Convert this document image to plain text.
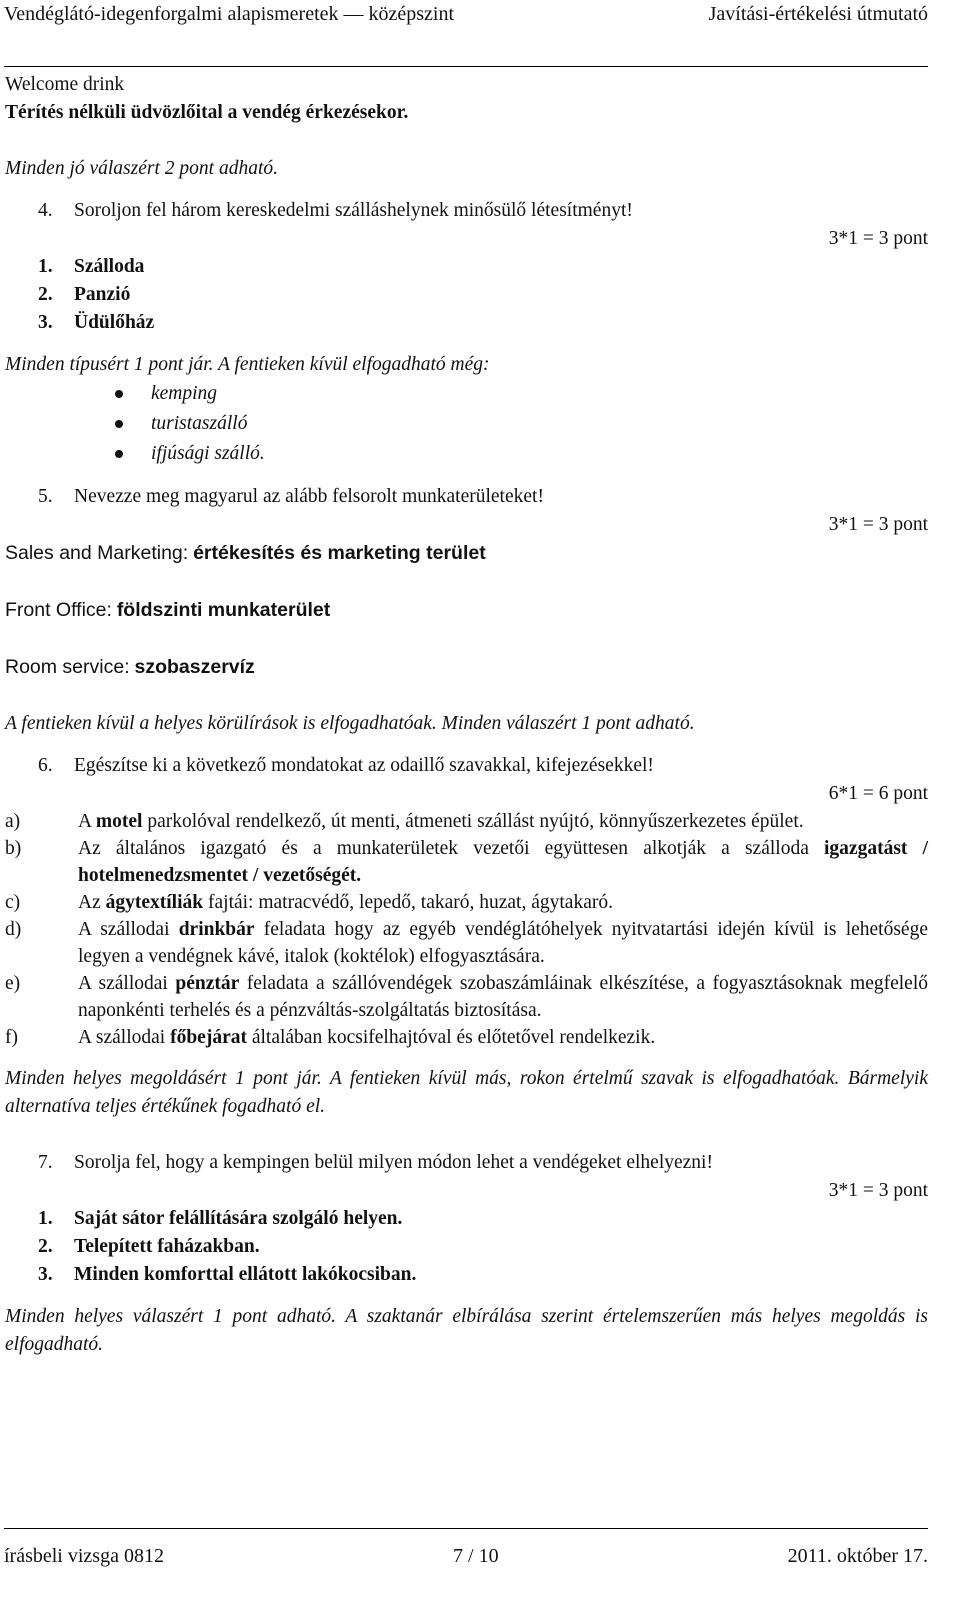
Vendéglátó-idegenforgalmi alapismeretek — középszint	Javítási-értékelési útmutató
Welcome drink
Térítés nélküli üdvözlőital a vendég érkezésekor.
Minden jó válaszért 2 pont adható.
4. Soroljon fel három kereskedelmi szálláshelynek minősülő létesítményt!
3*1 = 3 pont
1. Szálloda
2. Panzió
3. Üdülőház
Minden típusért 1 pont jár. A fentieken kívül elfogadható még:
kemping
turistaszálló
ifjúsági szálló.
5. Nevezze meg magyarul az alább felsorolt munkaterületeket!
Sales and Marketing: értékesítés és marketing terület
3*1 = 3 pont
Front Office: földszinti munkaterület
Room service: szobaszervíz
A fentieken kívül a helyes körülírások is elfogadhatóak. Minden válaszért 1 pont adható.
6. Egészítse ki a következő mondatokat az odaillő szavakkal, kifejezésekkel!
6*1 = 6 pont
a)	A motel parkolóval rendelkező, út menti, átmeneti szállást nyújtó, könnyűszerkezetes épület.
b)	Az általános igazgató és a munkaterületek vezetői együttesen alkotják a szálloda igazgatást / hotelmenedzsmentet / vezetőségét.
c)	Az ágytextíliák fajtái: matracvédő, lepedő, takaró, huzat, ágytakaró.
d)	A szállodai drinkbár feladata hogy az egyéb vendéglátóhelyek nyitvatartási idején kívül is lehetősége legyen a vendégnek kávé, italok (koktélok) elfogyasztására.
e)	A szállodai pénztár feladata a szállóvendégek szobaszámláinak elkészítése, a fogyasztásoknak megfelelő naponkénti terhelés és a pénzváltás-szolgáltatás biztosítása.
f)	A szállodai főbejárat általában kocsifelhajtóval és előtetővel rendelkezik.
Minden helyes megoldásért 1 pont jár. A fentieken kívül más, rokon értelmű szavak is elfogadhatóak. Bármelyik alternatíva teljes értékűnek fogadható el.
7. Sorolja fel, hogy a kempingen belül milyen módon lehet a vendégeket elhelyezni!
3*1 = 3 pont
1. Saját sátor felállítására szolgáló helyen.
2. Telepített faházakban.
3. Minden komforttal ellátott lakókocsiban.
Minden helyes válaszért 1 pont adható. A szaktanár elbírálása szerint értelemszerűen más helyes megoldás is elfogadható.
írásbeli vizsga 0812	7 / 10	2011. október 17.
